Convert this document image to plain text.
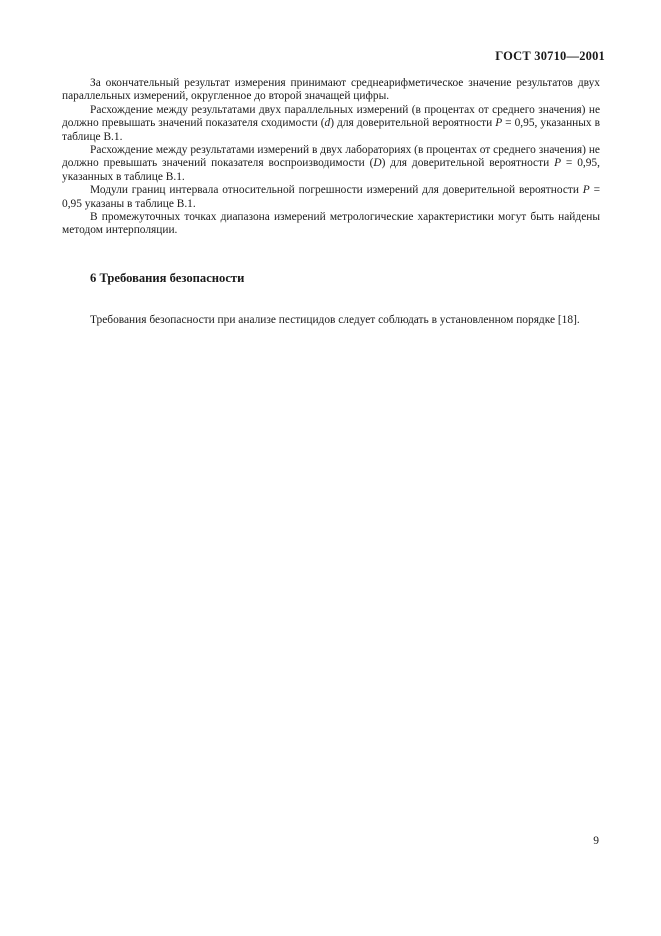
ГОСТ 30710—2001

За окончательный результат измерения принимают среднеарифметическое значение результатов двух параллельных измерений, округленное до второй значащей цифры.

Расхождение между результатами двух параллельных измерений (в процентах от среднего значения) не должно превышать значений показателя сходимости (d) для доверительной вероятности P = 0,95, указанных в таблице В.1.

Расхождение между результатами измерений в двух лабораториях (в процентах от среднего значения) не должно превышать значений показателя воспроизводимости (D) для доверительной вероятности P = 0,95, указанных в таблице В.1.

Модули границ интервала относительной погрешности измерений для доверительной вероятности P = 0,95 указаны в таблице В.1.

В промежуточных точках диапазона измерений метрологические характеристики могут быть найдены методом интерполяции.

6 Требования безопасности

Требования безопасности при анализе пестицидов следует соблюдать в установленном порядке [18].

9
